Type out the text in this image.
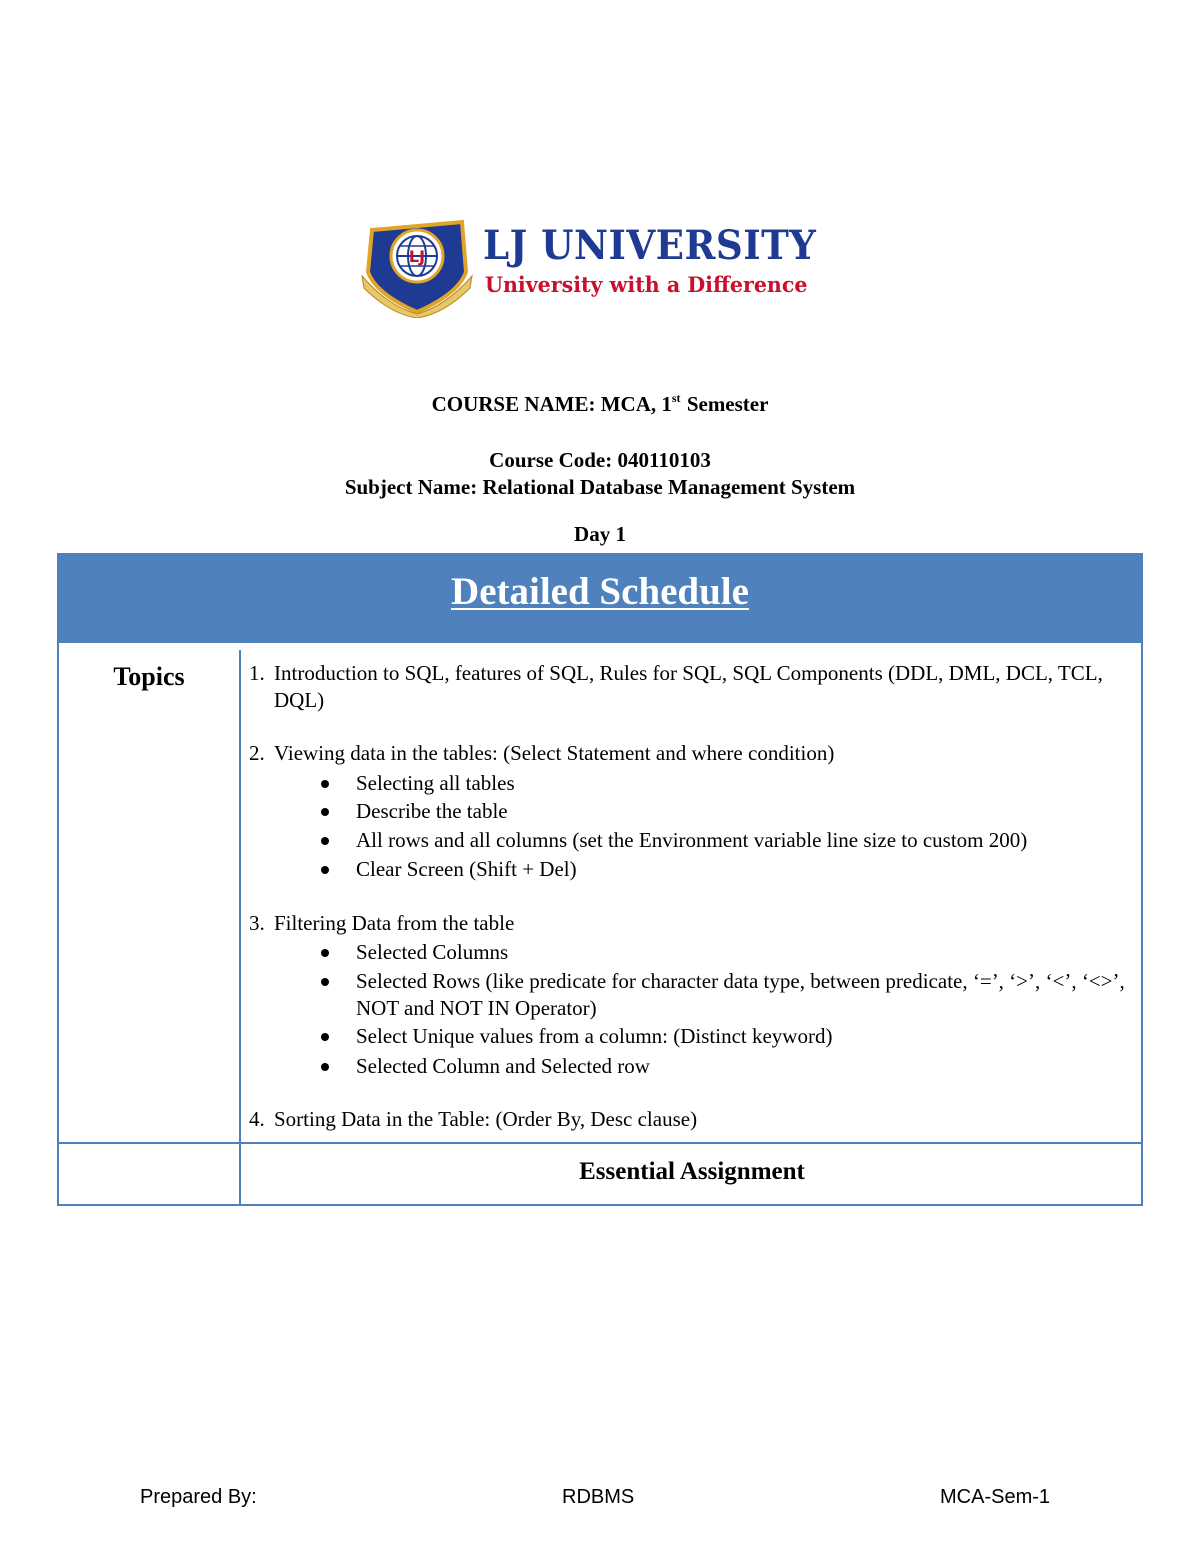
LJ LJ UNIVERSITY
University with a Difference
COURSE NAME: MCA, 1st Semester
Course Code: 040110103
Subject Name: Relational Database Management System
Day 1
Detailed Schedule
Topics
Essential Assignment
1. Introduction to SQL, features of SQL, Rules for SQL, SQL Components (DDL, DML, DCL, TCL, DQL)
2. Viewing data in the tables: (Select Statement and where condition)
Selecting all tables
Describe the table
All rows and all columns (set the Environment variable line size to custom 200)
Clear Screen (Shift + Del)
3. Filtering Data from the table
Selected Columns
Selected Rows (like predicate for character data type, between predicate, ‘=’, ‘>’, ‘<’, ‘<>’, NOT and NOT IN Operator)
Select Unique values from a column: (Distinct keyword)
Selected Column and Selected row
4. Sorting Data in the Table: (Order By, Desc clause)
Prepared By:	RDBMS	MCA-Sem-1
